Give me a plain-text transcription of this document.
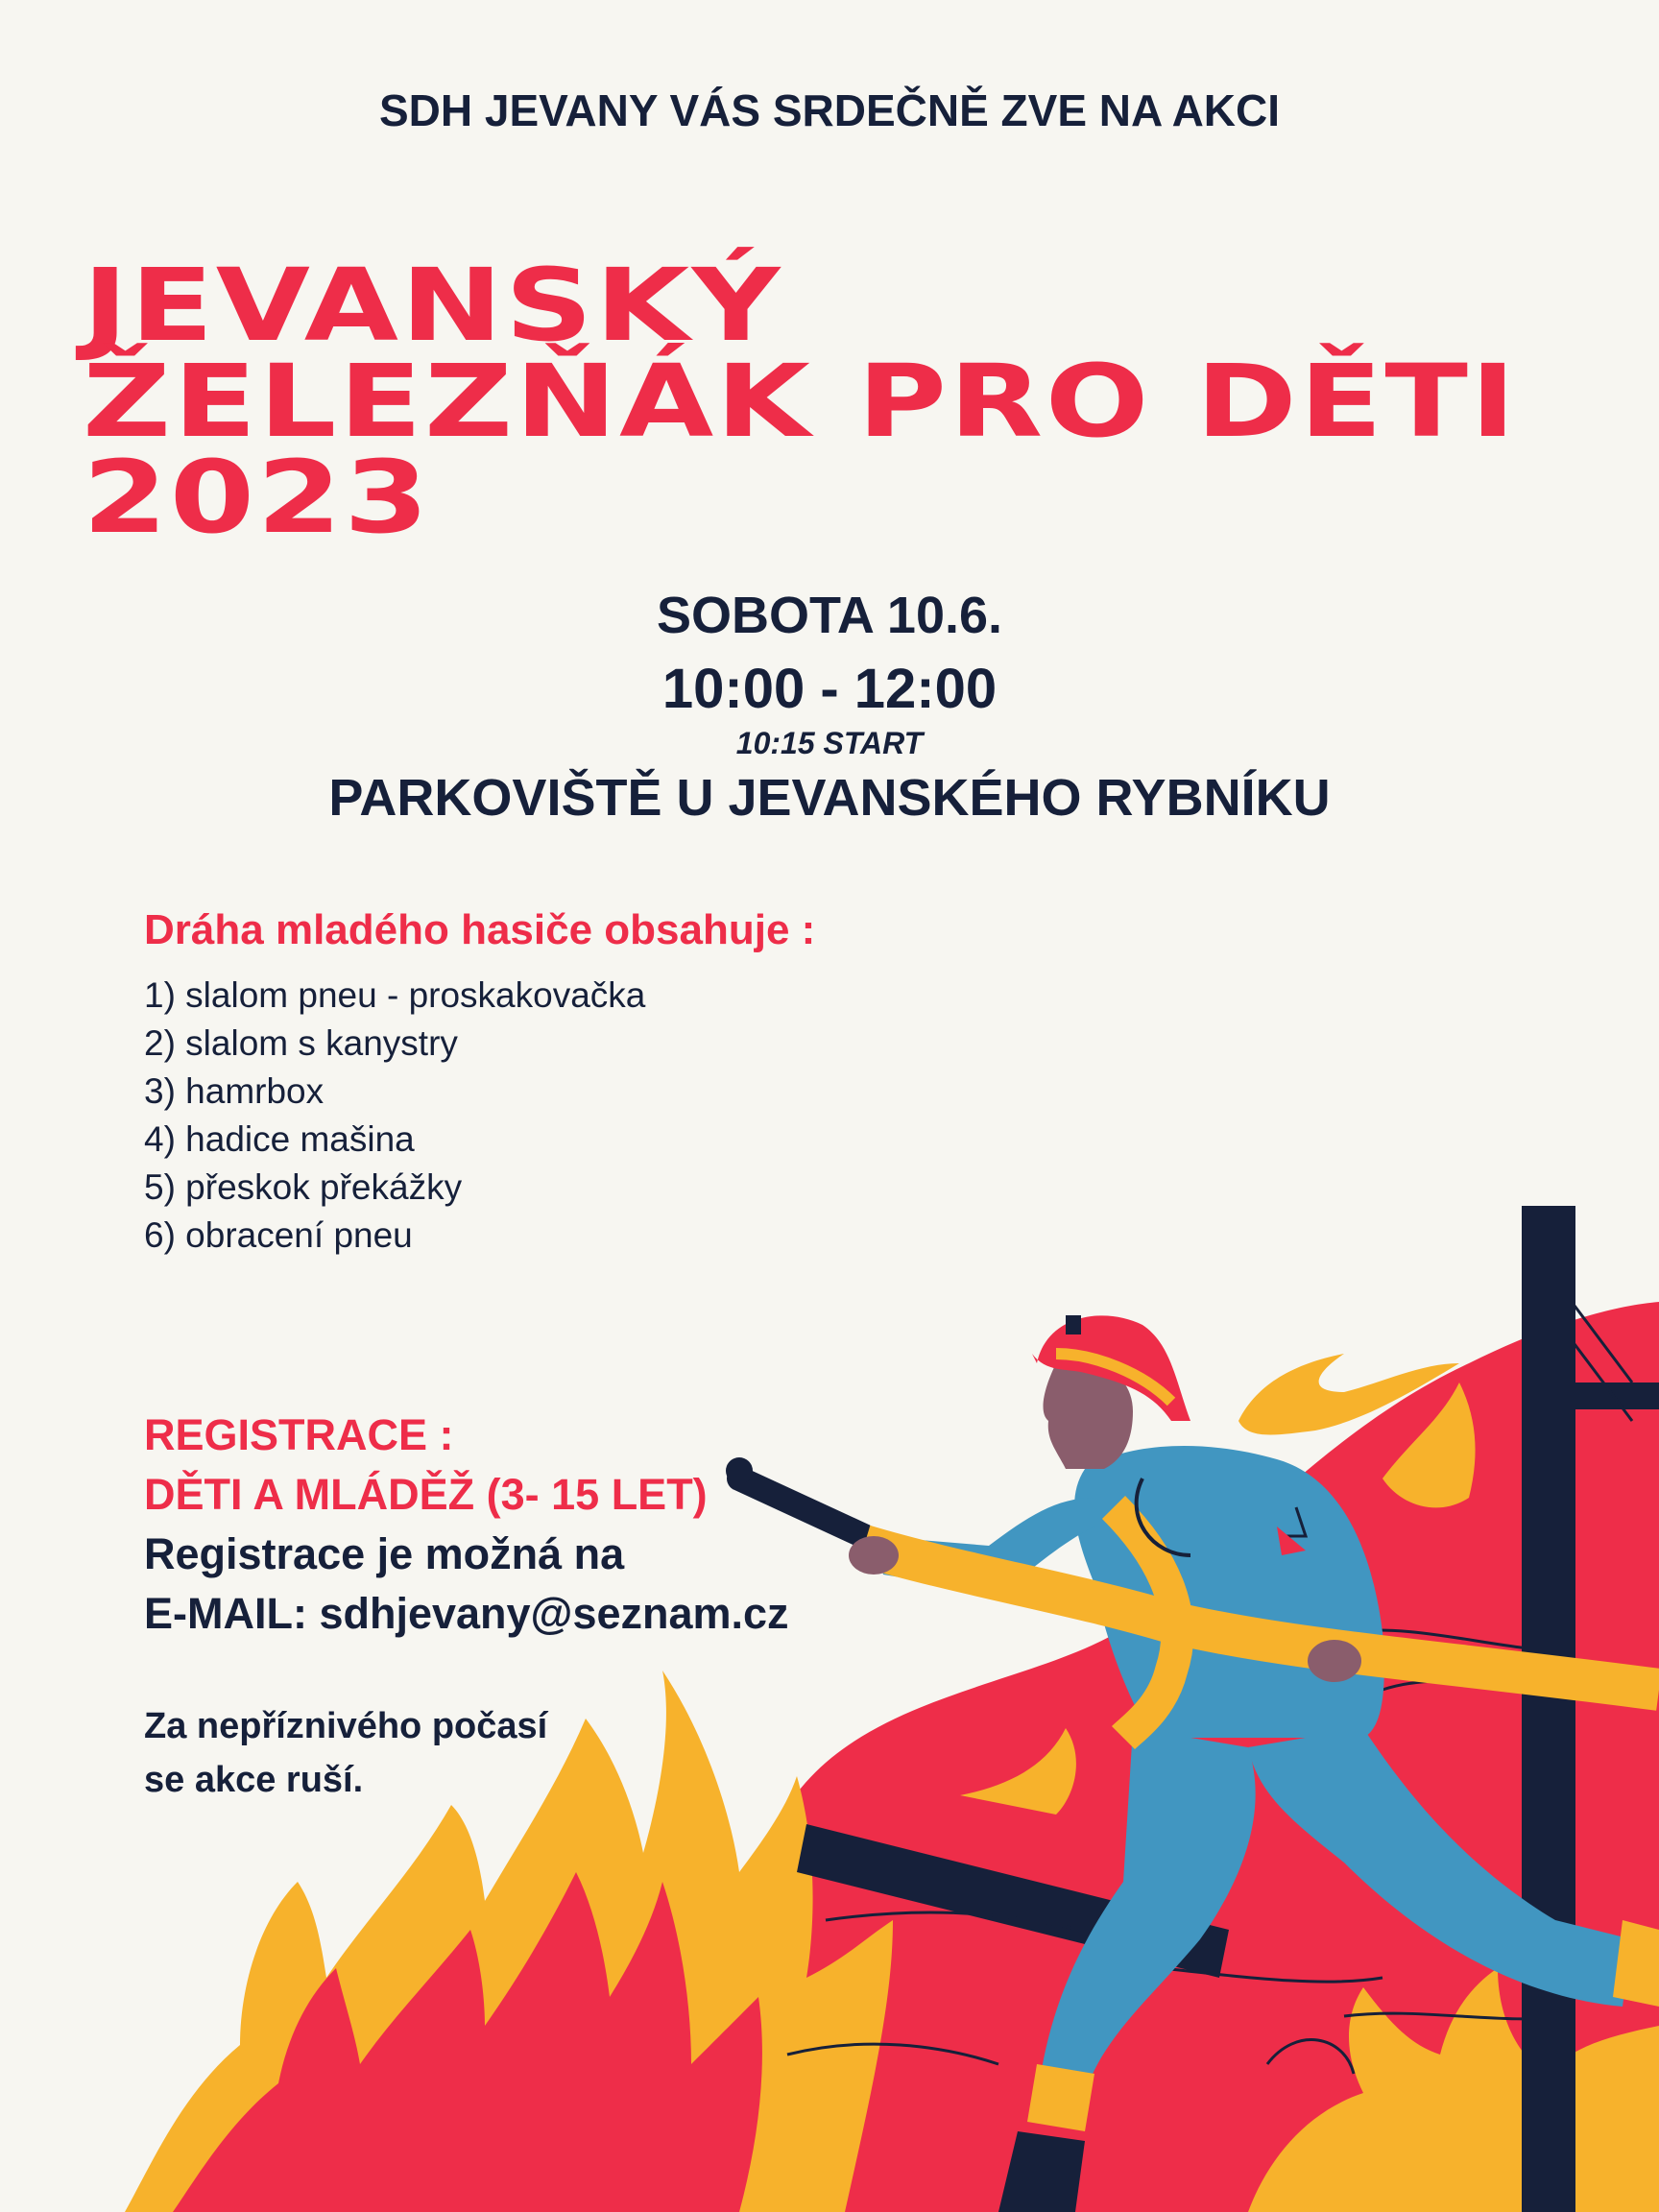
SDH JEVANY VÁS SRDEČNĚ ZVE NA AKCI
JEVANSKÝ
ŽELEZŇÁK PRO DĚTI
2023
SOBOTA 10.6.
10:00 - 12:00
10:15 START
PARKOVIŠTĚ U JEVANSKÉHO RYBNÍKU
Dráha mladého hasiče obsahuje :
1) slalom pneu - proskakovačka
2) slalom s kanystry
3) hamrbox
4) hadice mašina
5) přeskok překážky
6) obracení pneu
REGISTRACE :
DĚTI A MLÁDĚŽ (3- 15 LET)
Registrace je možná na
E-MAIL: sdhjevany@seznam.cz
Za nepříznivého počasí
se akce ruší.
